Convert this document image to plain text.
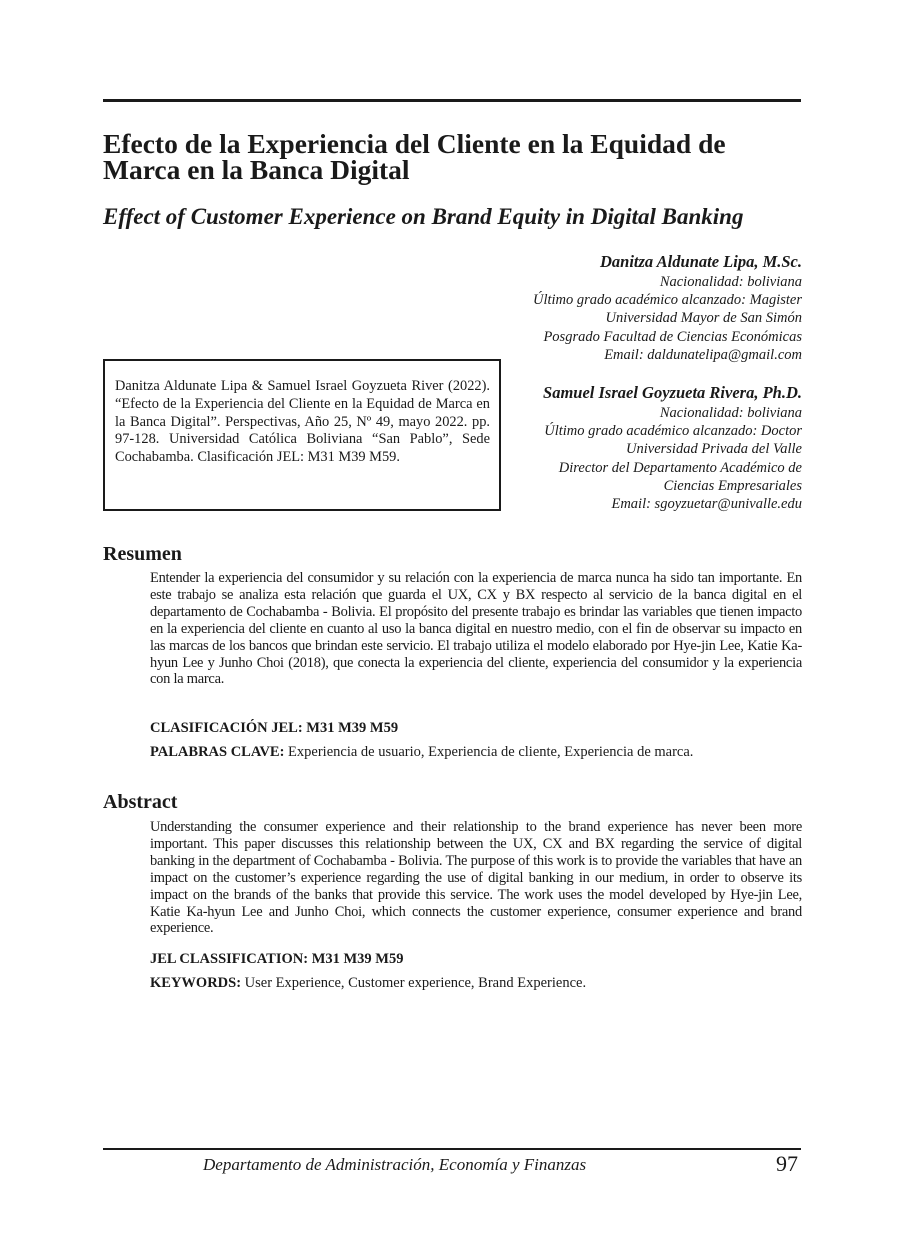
Efecto de la Experiencia del Cliente en la Equidad de
Marca en la Banca Digital
Effect of Customer Experience on Brand Equity in Digital Banking
Danitza Aldunate Lipa, M.Sc.
Nacionalidad: boliviana
Último grado académico alcanzado: Magister
Universidad Mayor de San Simón
Posgrado Facultad de Ciencias Económicas
Email: daldunatelipa@gmail.com
Danitza Aldunate Lipa & Samuel Israel Goyzueta River (2022). “Efecto de la Experiencia del Cliente en la Equidad de Marca en la Banca Digital”. Perspectivas, Año 25, Nº 49, mayo 2022. pp. 97-128. Universidad Católica Boliviana “San Pablo”, Sede Cochabamba. Clasificación JEL: M31 M39 M59.
Samuel Israel Goyzueta Rivera, Ph.D.
Nacionalidad: boliviana
Último grado académico alcanzado: Doctor
Universidad Privada del Valle
Director del Departamento Académico de
Ciencias Empresariales
Email: sgoyzuetar@univalle.edu
Resumen

Entender la experiencia del consumidor y su relación con la experiencia de marca nunca ha sido tan importante. En este trabajo se analiza esta relación que guarda el UX, CX y BX respecto al servicio de la banca digital en el departamento de Cochabamba - Bolivia. El propósito del presente trabajo es brindar las variables que tienen impacto en la experiencia del cliente en cuanto al uso la banca digital en nuestro medio, con el fin de observar su impacto en las marcas de los bancos que brindan este servicio. El trabajo utiliza el modelo elaborado por Hye-jin Lee, Katie Ka-hyun Lee y Junho Choi (2018), que conecta la experiencia del cliente, experiencia del consumidor y la experiencia con la marca.

CLASIFICACIÓN JEL: M31 M39 M59

PALABRAS CLAVE: Experiencia de usuario, Experiencia de cliente, Experiencia de marca.

Abstract

Understanding the consumer experience and their relationship to the brand experience has never been more important. This paper discusses this relationship between the UX, CX and BX regarding the service of digital banking in the department of Cochabamba - Bolivia. The purpose of this work is to provide the variables that have an impact on the customer’s experience regarding the use of digital banking in our medium, in order to observe its impact on the brands of the banks that provide this service. The work uses the model developed by Hye-jin Lee, Katie Ka-hyun Lee and Junho Choi, which connects the customer experience, consumer experience and brand experience.

JEL CLASSIFICATION: M31 M39 M59

KEYWORDS: User Experience, Customer experience, Brand Experience.

Departamento de Administración, Economía y Finanzas	97
